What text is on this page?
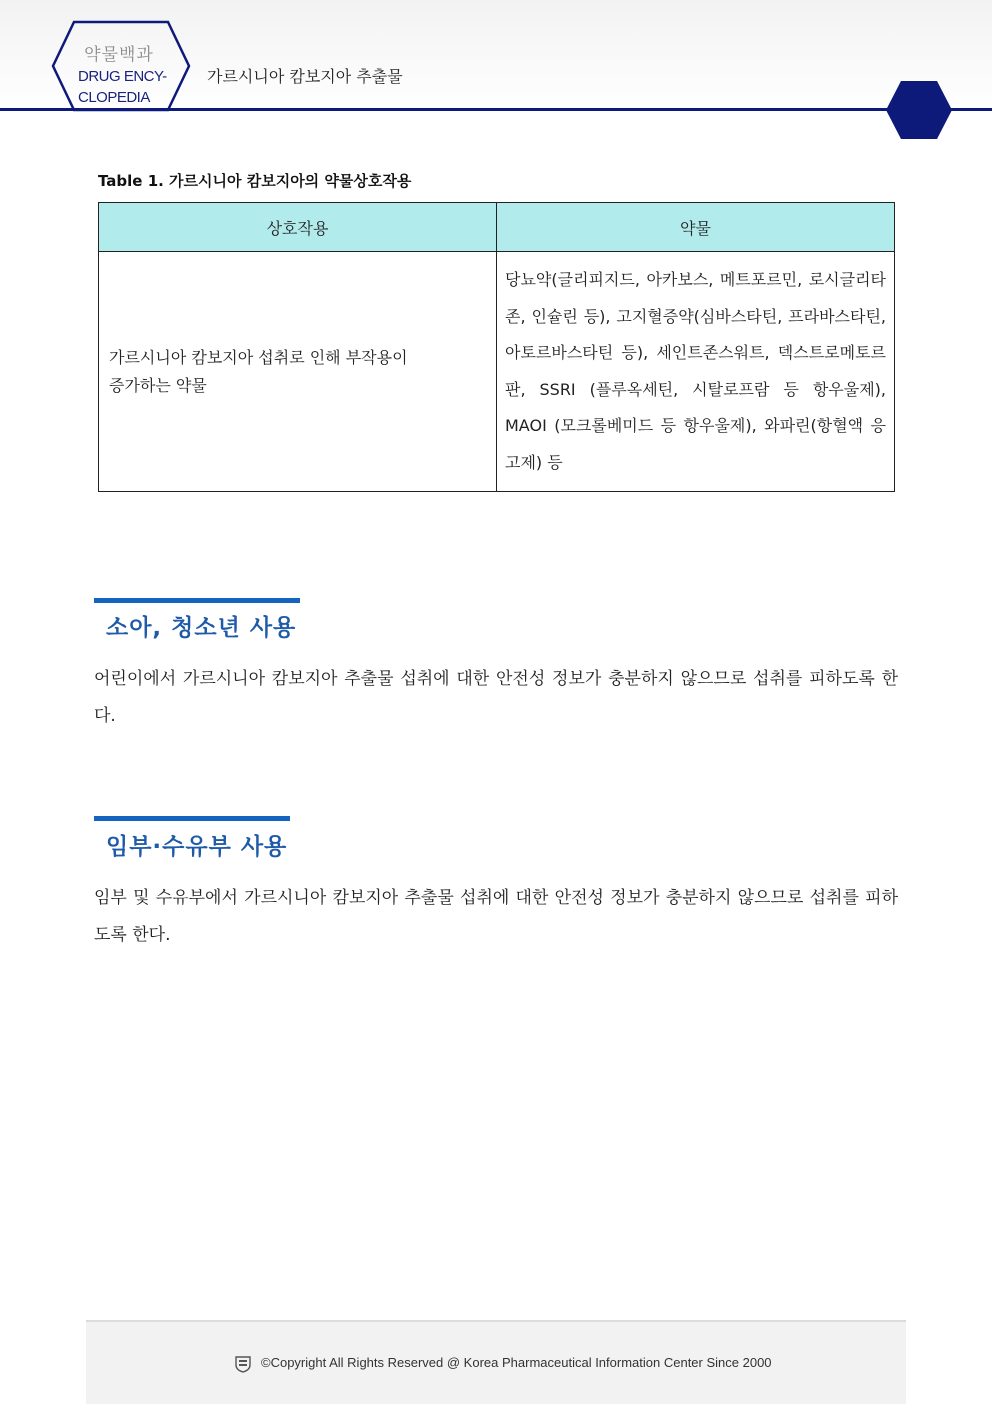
약물백과
DRUG ENCY-
CLOPEDIA
가르시니아 캄보지아 추출물
Table 1. 가르시니아 캄보지아의 약물상호작용
상호작용	약물

가르시니아 캄보지아 섭취로 인해 부작용이
증가하는 약물	당뇨약(글리피지드, 아카보스, 메트포르민, 로시글리타존, 인슐린 등), 고지혈증약(심바스타틴, 프라바스타틴, 아토르바스타틴 등), 세인트존스워트, 덱스트로메토르판, SSRI (플루옥세틴, 시탈로프람 등 항우울제), MAOI (모크롤베미드 등 항우울제), 와파린(항혈액 응고제) 등
소아, 청소년 사용
어린이에서 가르시니아 캄보지아 추출물 섭취에 대한 안전성 정보가 충분하지 않으므로 섭취를 피하도록 한다.
임부·수유부 사용
임부 및 수유부에서 가르시니아 캄보지아 추출물 섭취에 대한 안전성 정보가 충분하지 않으므로 섭취를 피하도록 한다.
©Copyright All Rights Reserved @ Korea Pharmaceutical Information Center Since 2000
